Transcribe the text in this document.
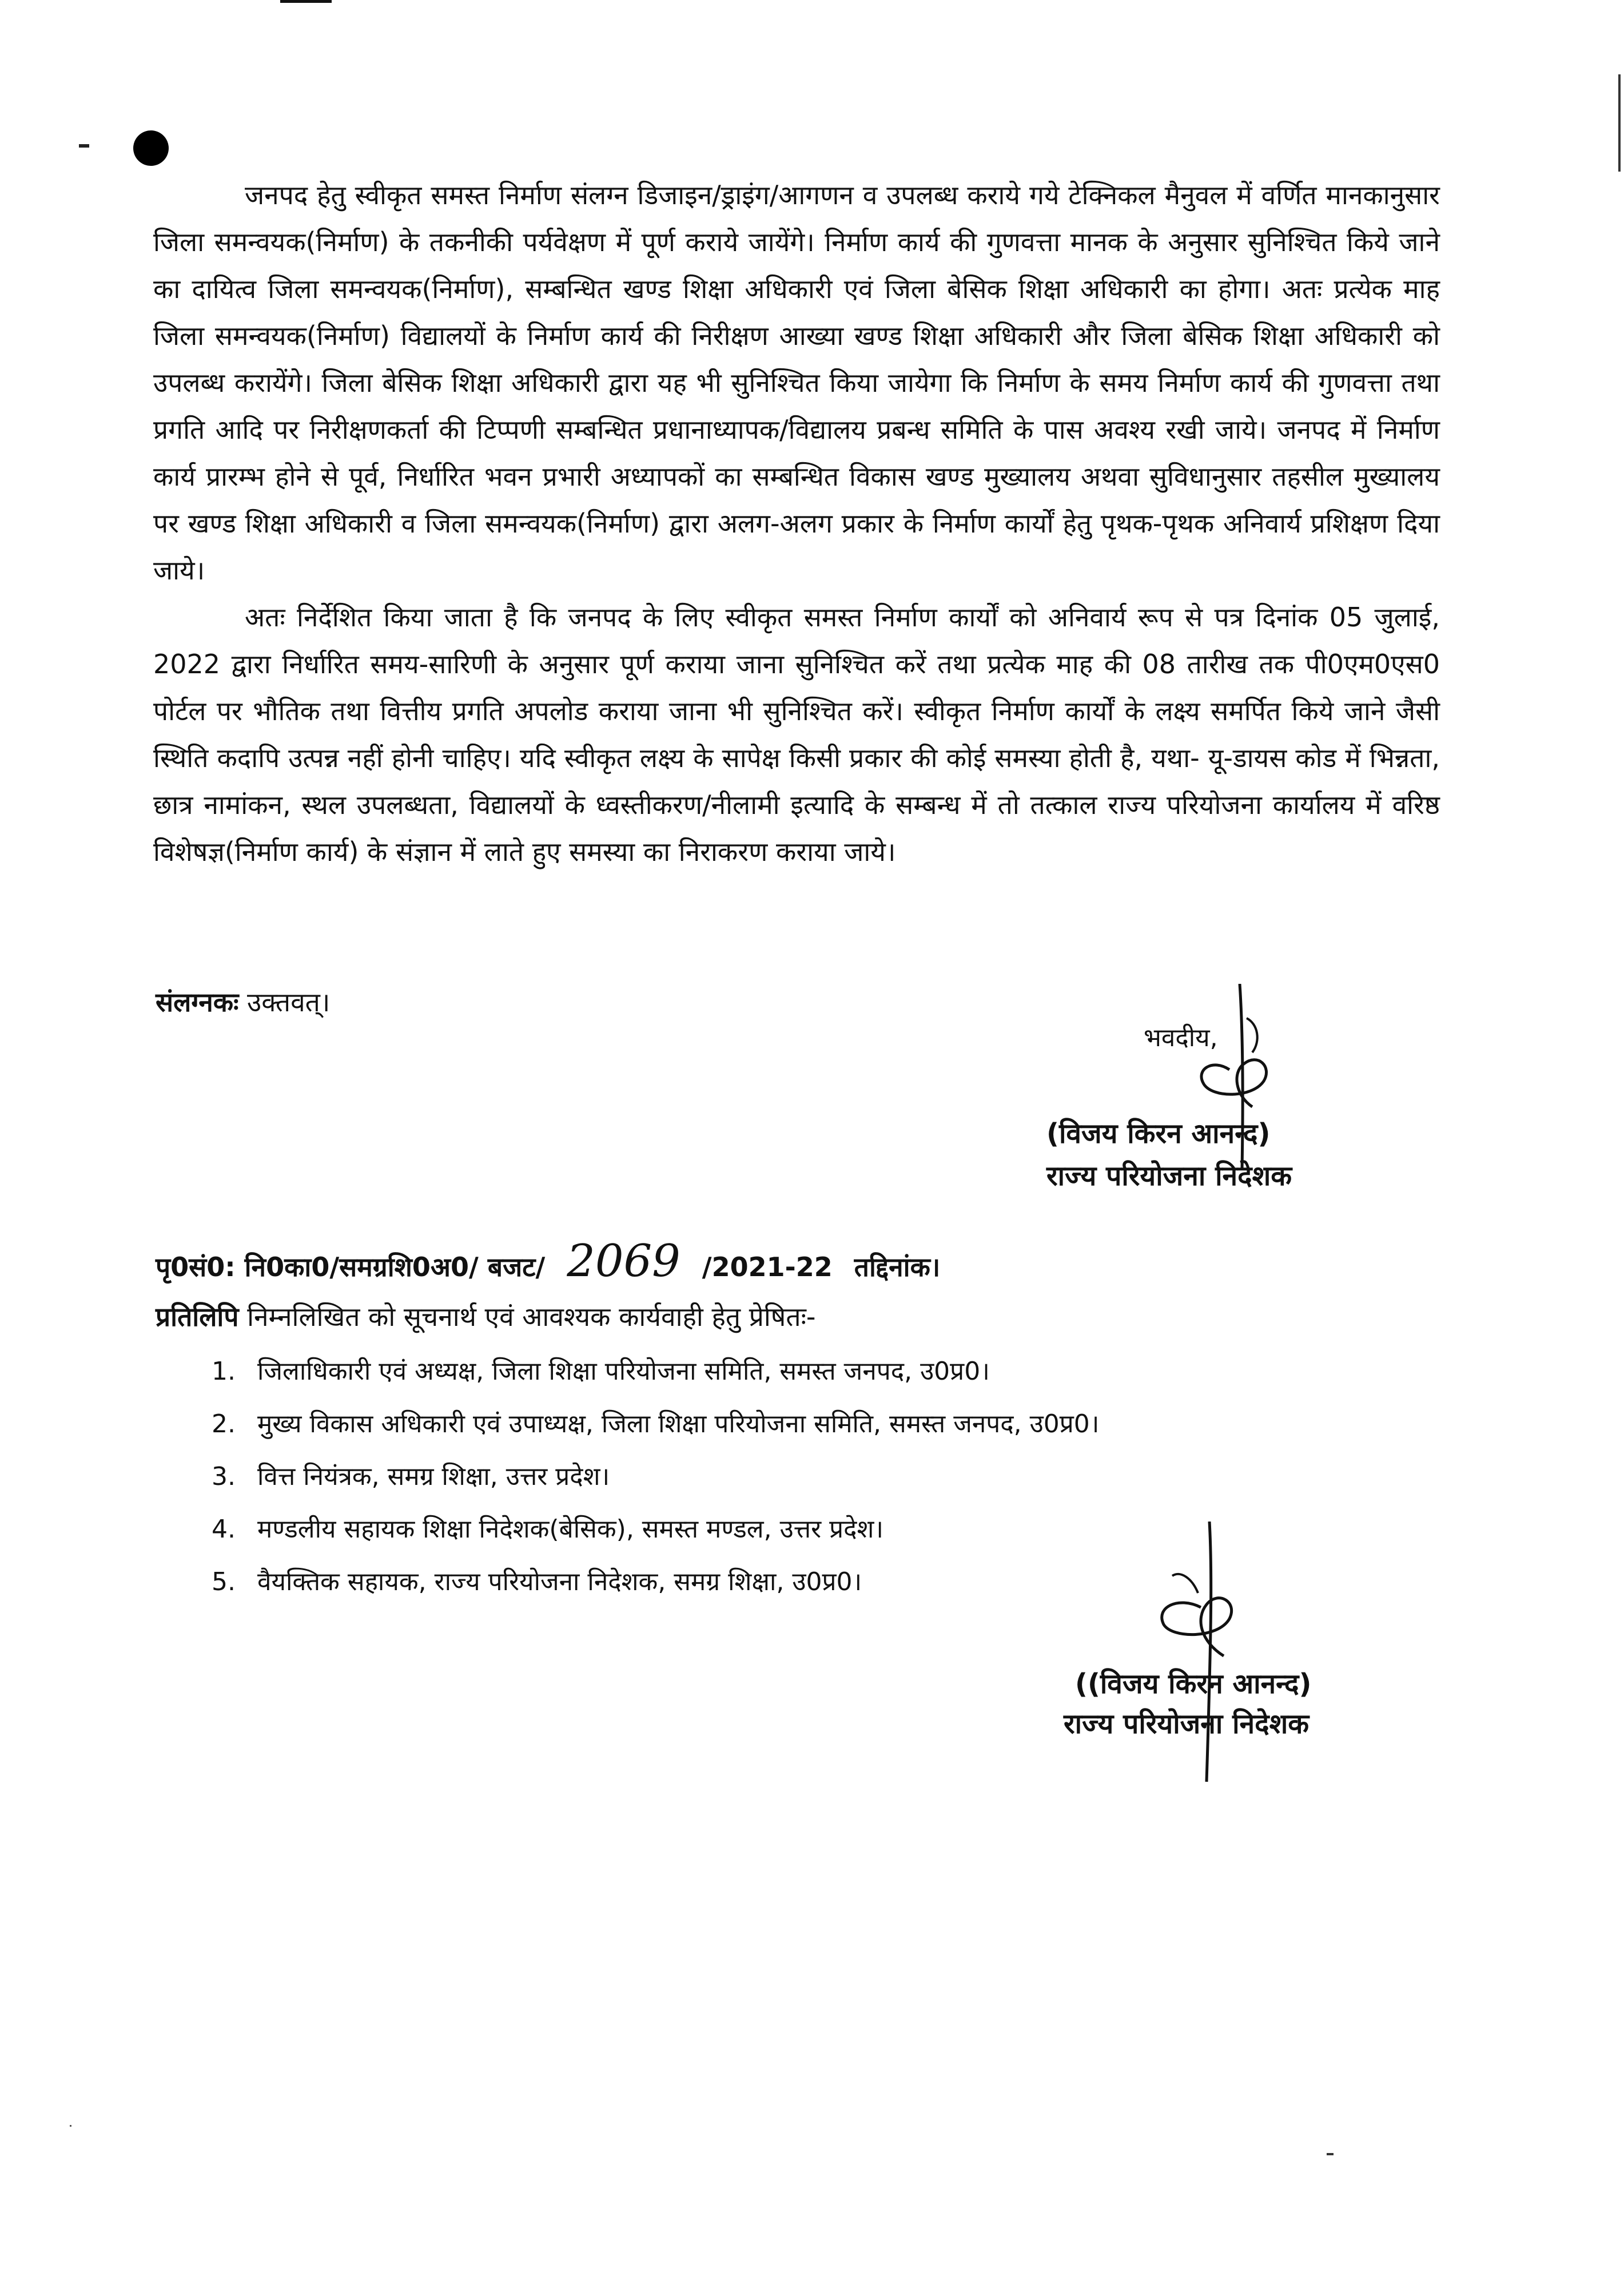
जनपद हेतु स्वीकृत समस्त निर्माण संलग्न डिजाइन/ड्राइंग/आगणन व उपलब्ध कराये गये टेक्निकल मैनुवल में वर्णित मानकानुसार जिला समन्वयक(निर्माण) के तकनीकी पर्यवेक्षण में पूर्ण कराये जायेंगे। निर्माण कार्य की गुणवत्ता मानक के अनुसार सुनिश्चित किये जाने का दायित्व जिला समन्वयक(निर्माण), सम्बन्धित खण्ड शिक्षा अधिकारी एवं जिला बेसिक शिक्षा अधिकारी का होगा। अतः प्रत्येक माह जिला समन्वयक(निर्माण) विद्यालयों के निर्माण कार्य की निरीक्षण आख्या खण्ड शिक्षा अधिकारी और जिला बेसिक शिक्षा अधिकारी को उपलब्ध करायेंगे। जिला बेसिक शिक्षा अधिकारी द्वारा यह भी सुनिश्चित किया जायेगा कि निर्माण के समय निर्माण कार्य की गुणवत्ता तथा प्रगति आदि पर निरीक्षणकर्ता की टिप्पणी सम्बन्धित प्रधानाध्यापक/विद्यालय प्रबन्ध समिति के पास अवश्य रखी जाये। जनपद में निर्माण कार्य प्रारम्भ होने से पूर्व, निर्धारित भवन प्रभारी अध्यापकों का सम्बन्धित विकास खण्ड मुख्यालय अथवा सुविधानुसार तहसील मुख्यालय पर खण्ड शिक्षा अधिकारी व जिला समन्वयक(निर्माण) द्वारा अलग-अलग प्रकार के निर्माण कार्यों हेतु पृथक-पृथक अनिवार्य प्रशिक्षण दिया जाये।

अतः निर्देशित किया जाता है कि जनपद के लिए स्वीकृत समस्त निर्माण कार्यों को अनिवार्य रूप से पत्र दिनांक 05 जुलाई, 2022 द्वारा निर्धारित समय-सारिणी के अनुसार पूर्ण कराया जाना सुनिश्चित करें तथा प्रत्येक माह की 08 तारीख तक पी0एम0एस0 पोर्टल पर भौतिक तथा वित्तीय प्रगति अपलोड कराया जाना भी सुनिश्चित करें। स्वीकृत निर्माण कार्यों के लक्ष्य समर्पित किये जाने जैसी स्थिति कदापि उत्पन्न नहीं होनी चाहिए। यदि स्वीकृत लक्ष्य के सापेक्ष किसी प्रकार की कोई समस्या होती है, यथा- यू-डायस कोड में भिन्नता, छात्र नामांकन, स्थल उपलब्धता, विद्यालयों के ध्वस्तीकरण/नीलामी इत्यादि के सम्बन्ध में तो तत्काल राज्य परियोजना कार्यालय में वरिष्ठ विशेषज्ञ(निर्माण कार्य) के संज्ञान में लाते हुए समस्या का निराकरण कराया जाये।

संलग्नकः उक्तवत्।
भवदीय,
(विजय किरन आनन्द)
राज्य परियोजना निदेशक
पृ0सं0: नि0का0/समग्रशि0अ0/ बजट/ 2069 /2021-22 तद्दिनांक।
प्रतिलिपि निम्नलिखित को सूचनार्थ एवं आवश्यक कार्यवाही हेतु प्रेषितः-
1. जिलाधिकारी एवं अध्यक्ष, जिला शिक्षा परियोजना समिति, समस्त जनपद, उ0प्र0।
2. मुख्य विकास अधिकारी एवं उपाध्यक्ष, जिला शिक्षा परियोजना समिति, समस्त जनपद, उ0प्र0।
3. वित्त नियंत्रक, समग्र शिक्षा, उत्तर प्रदेश।
4. मण्डलीय सहायक शिक्षा निदेशक(बेसिक), समस्त मण्डल, उत्तर प्रदेश।
5. वैयक्तिक सहायक, राज्य परियोजना निदेशक, समग्र शिक्षा, उ0प्र0।
((विजय किरन आनन्द)
राज्य परियोजना निदेशक
